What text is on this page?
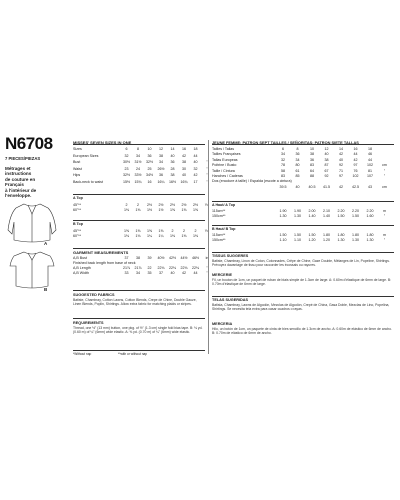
N6708
7 PIECES/PIEZAS
Métrages et
instructions
de couture en
Français
à l'intérieur de
l'enveloppe.
A
B
MISSES' SEVEN SIZES IN ONE
Sizes	6	8	10	12	14	16	18
European Sizes	32	34	36	38	40	42	44
Bust	30½	31½	32½	34	36	38	40	"
Waist	23	24	25	26½	28	30	32	"
Hips	32½	33½	34½	36	38	40	42	"
Back-neck to waist	15½	15¾	16	16¼	16½	16¾	17	"
A Top
45"**	2	2	2½	2½	2½	2½	2½	Yd
60"**	1⅜	1⅜	1½	1½	1⅝	1⅝	1⅝
B Top
45"**	1⅝	1⅝	1⅝	1⅝	2	2	2	Yd
60"**	1⅛	1⅛	1¼	1¼	1⅜	1⅜	1⅜
GARMENT MEASUREMENTS
A,B Bust	37	38	39	40½	42½	44½	46½	in
Finished back length from base of neck
A,B Length	21⅞	21⅞	22	22⅛	22⅛	22⅛	22⅛	"
A,B Width	33	34	35	37	40	42	44	"
SUGGESTED FABRICS
Batiste, Chambray, Cotton Lawns, Cotton Blends, Crepe de Chine, Double Gauze, Linen Blends, Poplin, Shirtings. Allow extra fabric for matching plaids or stripes.
REQUIREMENTS
Thread, one ½" (13 mm) button, one pkg. of ½" (1.3 cm) single fold bias tape. B: ⅛ yd. (0.60 m) of ¼" (6mm) wide elastic. A: ⅜ yd. (0.70 m) of ¼" (6mm) wide elastic.
*Without nap	**with or without nap
JEUNE FEMME: PATRON SEPT TAILLES / SEÑORITAS: PATRON SIETE TALLAS
Tailles / Tallas	6	8	10	12	14	16	18
Tailles Françaises	34	36	38	40	42	44	46
Tallas Europeas	32	34	36	38	40	42	44
Poitrine / Busto	78	80	83	87	92	97	102	cm
Taille / Cintura	58	61	64	67	71	76	81	"
Hanches / Caderas	83	85	88	92	97	102	107	"
Dos (encolure à taille) / Espalda (escote a cintura)
39.5	40	40.5	41.5	42	42.5	43	cm
A Haut/ A Top
115cm**	1.90	1.90	2.00	2.10	2.20	2.20	2.20	m
150cm**	1.30	1.30	1.40	1.40	1.50	1.50	1.60	"
B Haut/ B Top
115cm**	1.50	1.50	1.50	1.80	1.80	1.80	1.80	m
150cm**	1.10	1.10	1.20	1.20	1.30	1.30	1.30	"
TISSUS SUGGERES
Batiste, Chambray, Linon de Coton, Cotonnades, Crêpe de Chine, Gaze Double, Mélanges de Lin, Popeline, Shirtings. Prévoyez davantage de tissu pour raccorder les écossais ou rayures.
MERCERIE
Fil, un bouton de 1cm, un paquet de ruban de biais simple de 1.3cm de large. A: 0.60m d'élastique de 6mm de large. B: 0.70m d'élastique de 6mm de large.
TELAS SUGERIDAS
Batista, Chambray, Lawns de Algodón, Mezclas de Algodón, Crepé de China, Gasa Doble, Mezclas de Lino, Popelina, Shirtings. Se necesita tela extra para casar cuadros o rayas.
MERCERIA
Hilo, un botón de 1cm, un paquete de cinta de bies sencillo de 1.3cm de ancho. A: 0.60m de elástico de 6mm de ancho. B: 0.70m de elástico de 6mm de ancho.
